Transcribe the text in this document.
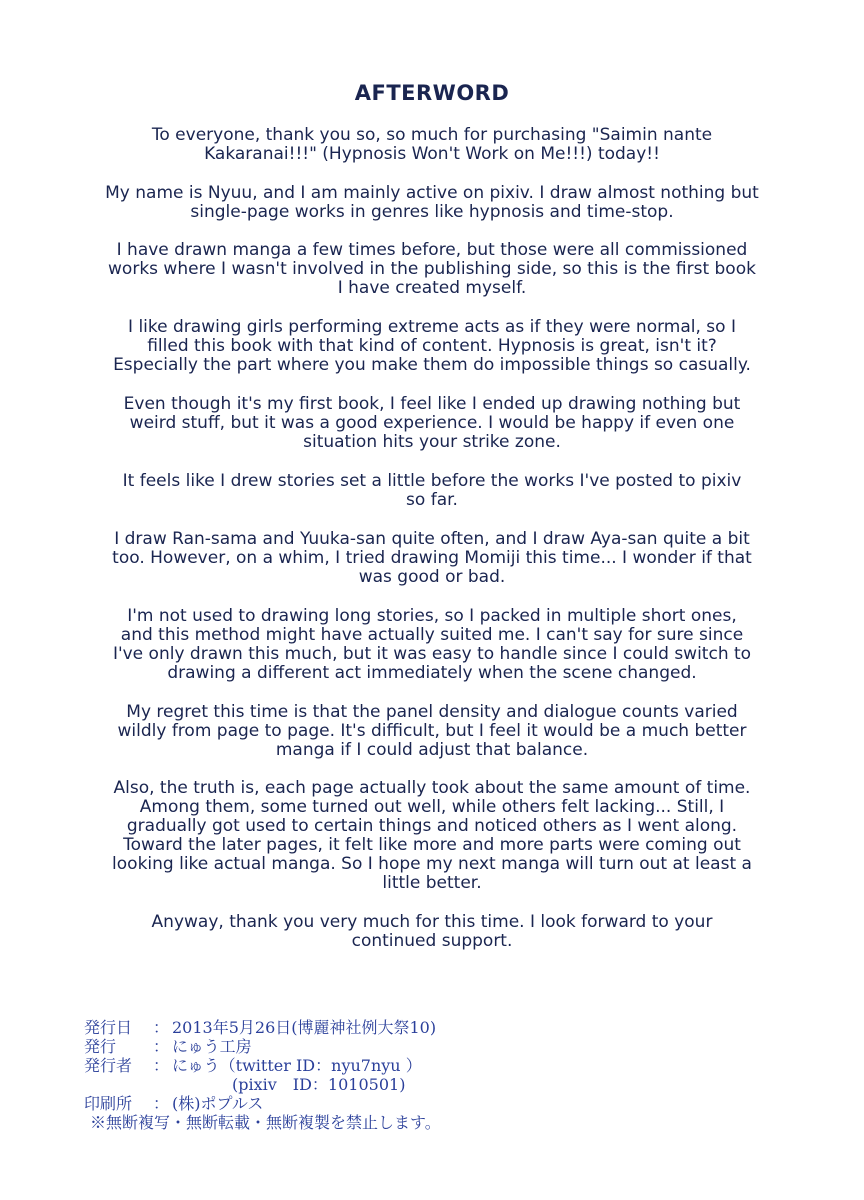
AFTERWORD
To everyone, thank you so, so much for purchasing "Saimin nante
Kakaranai!!!" (Hypnosis Won't Work on Me!!!) today!!
My name is Nyuu, and I am mainly active on pixiv. I draw almost nothing but
single-page works in genres like hypnosis and time-stop.
I have drawn manga a few times before, but those were all commissioned
works where I wasn't involved in the publishing side, so this is the first book
I have created myself.
I like drawing girls performing extreme acts as if they were normal, so I
filled this book with that kind of content. Hypnosis is great, isn't it?
Especially the part where you make them do impossible things so casually.
Even though it's my first book, I feel like I ended up drawing nothing but
weird stuff, but it was a good experience. I would be happy if even one
situation hits your strike zone.
It feels like I drew stories set a little before the works I've posted to pixiv
so far.
I draw Ran-sama and Yuuka-san quite often, and I draw Aya-san quite a bit
too. However, on a whim, I tried drawing Momiji this time... I wonder if that
was good or bad.
I'm not used to drawing long stories, so I packed in multiple short ones,
and this method might have actually suited me. I can't say for sure since
I've only drawn this much, but it was easy to handle since I could switch to
drawing a different act immediately when the scene changed.
My regret this time is that the panel density and dialogue counts varied
wildly from page to page. It's difficult, but I feel it would be a much better
manga if I could adjust that balance.
Also, the truth is, each page actually took about the same amount of time.
Among them, some turned out well, while others felt lacking... Still, I
gradually got used to certain things and noticed others as I went along.
Toward the later pages, it felt like more and more parts were coming out
looking like actual manga. So I hope my next manga will turn out at least a
little better.
Anyway, thank you very much for this time. I look forward to your
continued support.
発行日	： 2013年5月26日(博麗神社例大祭10)
発行	： にゅう工房
発行者	： にゅう（twitter ID：nyu7nyu ）
(pixiv　ID：1010501)
印刷所	： (株)ポプルス
※無断複写・無断転載・無断複製を禁止します。
